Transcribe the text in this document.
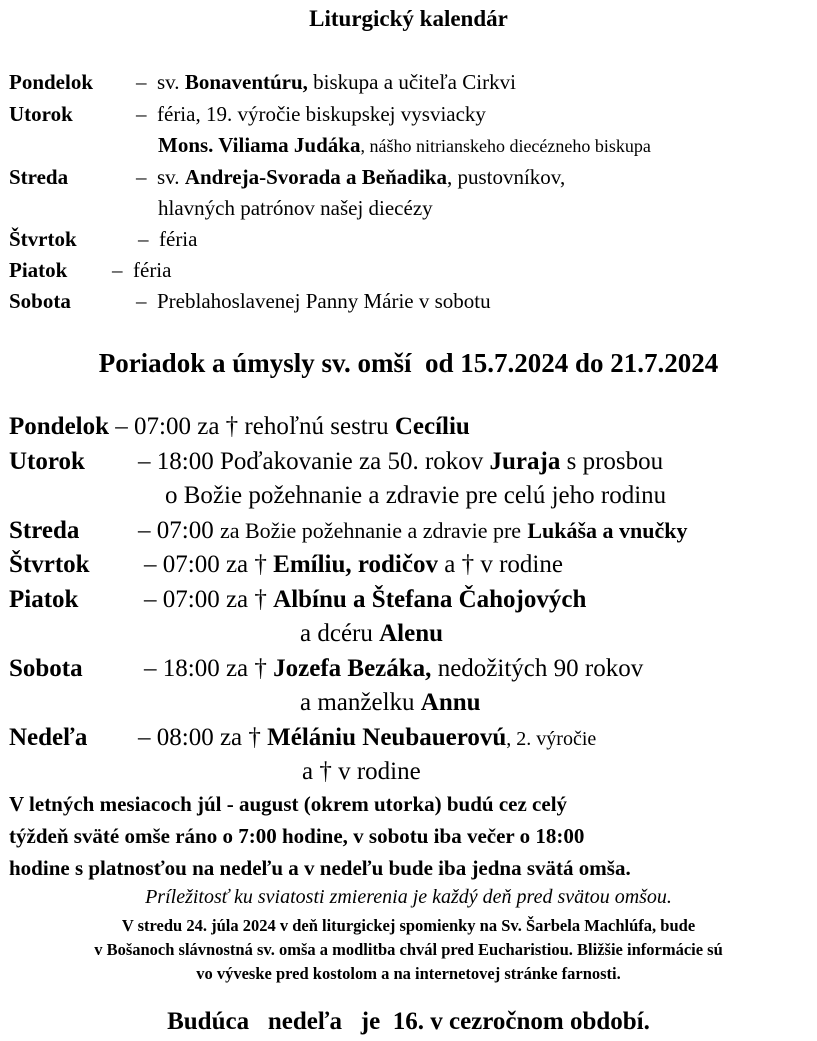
Liturgický kalendár
Pondelok – sv. Bonaventúru, biskupa a učiteľa Cirkvi
Utorok	– féria, 19. výročie biskupskej vysviacky
Mons. Viliama Judáka, nášho nitrianskeho diecézneho biskupa
Streda	– sv. Andreja-Svorada a Beňadika, pustovníkov,
hlavných patrónov našej diecézy
Štvrtok	– féria
Piatok – féria
Sobota	– Preblahoslavenej Panny Márie v sobotu
Poriadok a úmysly sv. omší  od 15.7.2024 do 21.7.2024
Pondelok – 07:00 za † rehoľnú sestru Cecíliu
Utorok – 18:00 Poďakovanie za 50. rokov Juraja s prosbou
o Božie požehnanie a zdravie pre celú jeho rodinu
Streda – 07:00 za Božie požehnanie a zdravie pre Lukáša a vnučky
Štvrtok – 07:00 za † Emíliu, rodičov a † v rodine
Piatok	– 07:00 za † Albínu a Štefana Čahojových
a dcéru Alenu
Sobota – 18:00 za † Jozefa Bezáka, nedožitých 90 rokov
a manželku Annu
Nedeľa – 08:00 za † Mélániu Neubauerovú, 2. výročie
a † v rodine
V letných mesiacoch júl - august (okrem utorka) budú cez celý
týždeň sväté omše ráno o 7:00 hodine, v sobotu iba večer o 18:00
hodine s platnosťou na nedeľu a v nedeľu bude iba jedna svätá omša.
Príležitosť ku sviatosti zmierenia je každý deň pred svätou omšou.
V stredu 24. júla 2024 v deň liturgickej spomienky na Sv. Šarbela Machlúfa, bude
v Bošanoch slávnostná sv. omša a modlitba chvál pred Eucharistiou. Bližšie informácie sú
vo vývеske pred kostolom a na internetovej stránke farnosti.
Budúca   nedeľa   je  16. v cezročnom období.
